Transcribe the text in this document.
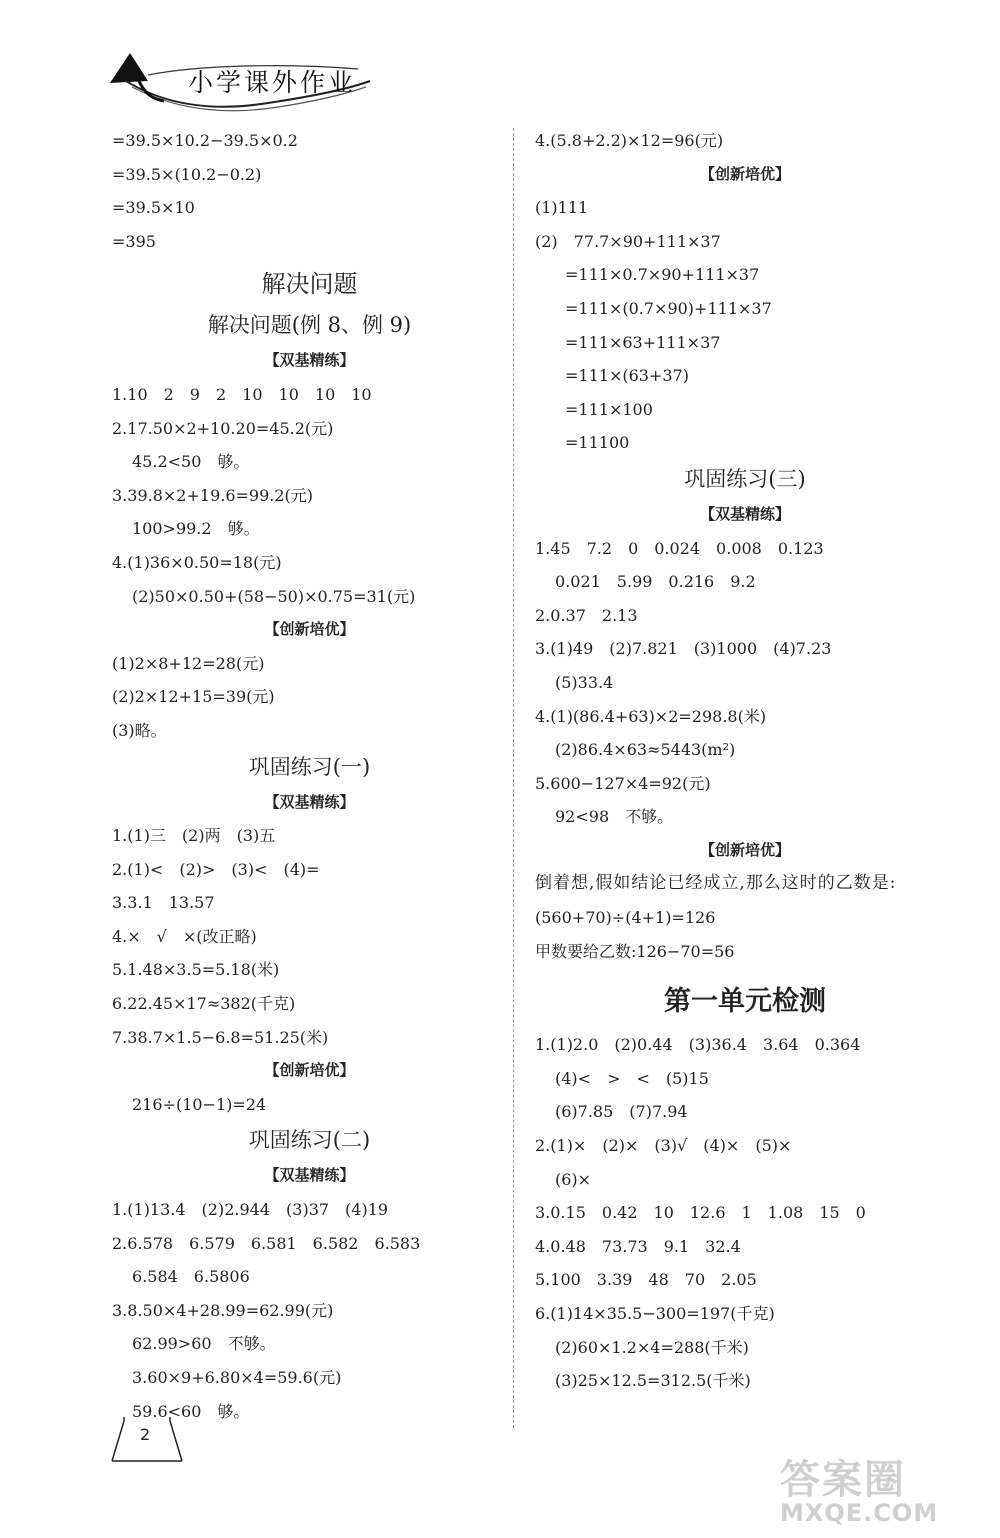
小学课外作业
=39.5×10.2−39.5×0.2
=39.5×(10.2−0.2)
=39.5×10
=395
解决问题
解决问题(例 8、例 9)
【双基精练】
1.10　2　9　2　10　10　10　10
2.17.50×2+10.20=45.2(元)
45.2<50　够。
3.39.8×2+19.6=99.2(元)
100>99.2　够。
4.(1)36×0.50=18(元)
(2)50×0.50+(58−50)×0.75=31(元)
【创新培优】
(1)2×8+12=28(元)
(2)2×12+15=39(元)
(3)略。
巩固练习(一)
【双基精练】
1.(1)三　(2)两　(3)五
2.(1)<　(2)>　(3)<　(4)=
3.3.1　13.57
4.×　√　×(改正略)
5.1.48×3.5=5.18(米)
6.22.45×17≈382(千克)
7.38.7×1.5−6.8=51.25(米)
【创新培优】
216÷(10−1)=24
巩固练习(二)
【双基精练】
1.(1)13.4　(2)2.944　(3)37　(4)19
2.6.578　6.579　6.581　6.582　6.583
6.584　6.5806
3.8.50×4+28.99=62.99(元)
62.99>60　不够。
3.60×9+6.80×4=59.6(元)
59.6<60　够。
4.(5.8+2.2)×12=96(元)
【创新培优】
(1)111
(2)　77.7×90+111×37
=111×0.7×90+111×37
=111×(0.7×90)+111×37
=111×63+111×37
=111×(63+37)
=111×100
=11100
巩固练习(三)
【双基精练】
1.45　7.2　0　0.024　0.008　0.123
0.021　5.99　0.216　9.2
2.0.37　2.13
3.(1)49　(2)7.821　(3)1000　(4)7.23
(5)33.4
4.(1)(86.4+63)×2=298.8(米)
(2)86.4×63≈5443(m²)
5.600−127×4=92(元)
92<98　不够。
【创新培优】
倒着想,假如结论已经成立,那么这时的乙数是:
(560+70)÷(4+1)=126
甲数要给乙数:126−70=56
第一单元检测
1.(1)2.0　(2)0.44　(3)36.4　3.64　0.364
(4)<　>　<　(5)15
(6)7.85　(7)7.94
2.(1)×　(2)×　(3)√　(4)×　(5)×
(6)×
3.0.15　0.42　10　12.6　1　1.08　15　0
4.0.48　73.73　9.1　32.4
5.100　3.39　48　70　2.05
6.(1)14×35.5−300=197(千克)
(2)60×1.2×4=288(千米)
(3)25×12.5=312.5(千米)
2
答案圈
MXQE.COM
